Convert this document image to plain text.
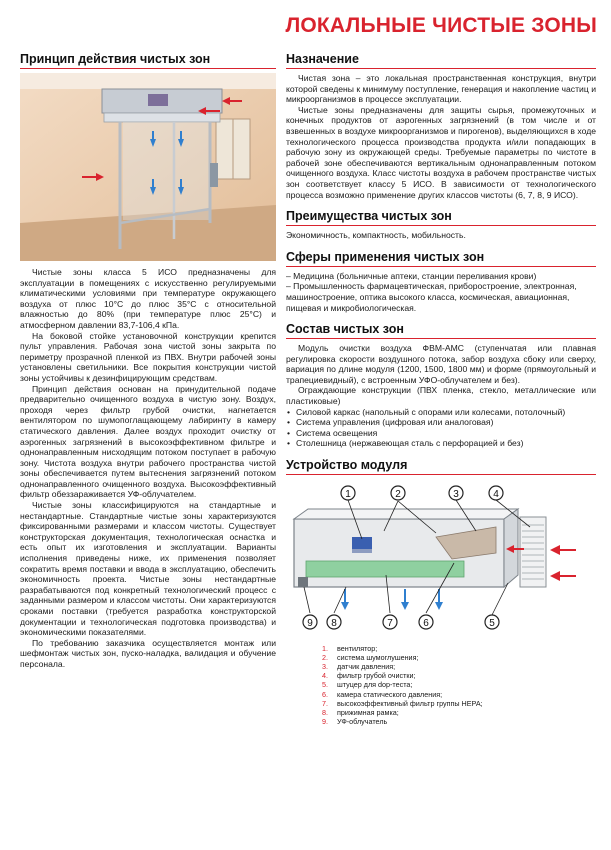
ЛОКАЛЬНЫЕ ЧИСТЫЕ ЗОНЫ
Принцип действия чистых зон

Чистые зоны класса 5 ИСО предназначены для эксплуатации в помещениях с искусственно регулируемыми климатическими условиями при температуре окружающего воздуха от плюс 10°С до плюс 35°С с относительной влажностью до 80% (при температуре плюс 25°С) и атмосферном давлении 83,7-106,4 кПа.

На боковой стойке установочной конструкции крепится пульт управления. Рабочая зона чистой зоны закрыта по периметру прозрачной пленкой из ПВХ. Внутри рабочей зоны установлены светильники. Все покрытия конструкции чистой зоны устойчивы к дезинфицирующим средствам.

Принцип действия основан на принудительной подаче предварительно очищенного воздуха в чистую зону. Воздух, проходя через фильтр грубой очистки, нагнетается вентилятором по шумопоглащающему лабиринту в камеру статического давления. Далее воздух проходит очистку от аэрогенных загрязнений в высокоэффективном фильтре и однонаправленным нисходящим потоком поступает в рабочую зону. Чистота воздуха внутри рабочего пространства чистой зоны обеспечивается путем вытеснения загрязнений потоком однонаправленного очищенного воздуха. Высокоэффективный фильтр обеззараживается УФ-облучателем.

Чистые зоны классифицируются на стандартные и нестандартные. Стандартные чистые зоны характеризуются фиксированными размерами и классом чистоты. Существует конструкторская документация, технологическая оснастка и есть опыт их изготовления и эксплуатации. Варианты исполнения приведены ниже, их применения позволяет сократить время поставки и ввода в эксплуатацию, обеспечить экономичность проекта. Чистые зоны нестандартные разрабатываются под конкретный технологический процесс с заданными размером и классом чистоты. Они характеризуются сроками поставки (требуется разработка конструкторской документации и технологическая подготовка производства) и экономическими показателями.

По требованию заказчика осуществляется монтаж или шефмонтаж чистых зон, пуско-наладка, валидация и обучение персонала.

Назначение

Чистая зона – это локальная пространственная конструкция, внутри которой сведены к минимуму поступление, генерация и накопление частиц и микроорганизмов в процессе эксплуатации.

Чистые зоны предназначены для защиты сырья, промежуточных и конечных продуктов от аэрогенных загрязнений (в том числе и от взвешенных в воздухе микроорганизмов и пирогенов), выделяющихся в ходе технологического процесса производства продукта и/или попадающих в рабочую зону из окружающей среды. Требуемые параметры по чистоте в рабочей зоне обеспечиваются вертикальным однонаправленным потоком очищенного воздуха. Класс чистоты воздуха в рабочем пространстве чистых зон соответствует классу 5 ИСО. В зависимости от технологического процесса возможно применение других классов чистоты (6, 7, 8, 9 ИСО).

Преимущества чистых зон
Экономичность, компактность, мобильность.
Сферы применения чистых зон
– Медицина (больничные аптеки, станции переливания крови)
– Промышленность фармацевтическая, приборостроение, электронная, машиностроение, оптика высокого класса, космическая, авиационная, пищевая и микробиологическая.
Состав чистых зон

Модуль очистки воздуха ФВМ-АМС (ступенчатая или плавная регулировка скорости воздушного потока, забор воздуха сбоку или сверху, вариация по длине модуля (1200, 1500, 1800 мм) и форме (прямоугольный и трапециевидный), с встроенным УФО-облучателем и без).

Ограждающие конструкции (ПВХ пленка, стекло, металлические или пластиковые)

• Силовой каркас (напольный с опорами или колесами, потолочный)
• Система управления (цифровая или аналоговая)
• Система освещения
• Столешница (нержавеющая сталь с перфорацией и без)
Устройство модуля
1	2	3	4
5
6
7
8
9
1. вентилятор;
2. система шумоглушения;
3. датчик давления;
4. фильтр грубой очистки;
5. штуцер для dop-теста;
6. камера статического давления;
7. высокоэффективный фильтр группы НЕРА;
8. прижимная рамка;
9. УФ-облучатель
